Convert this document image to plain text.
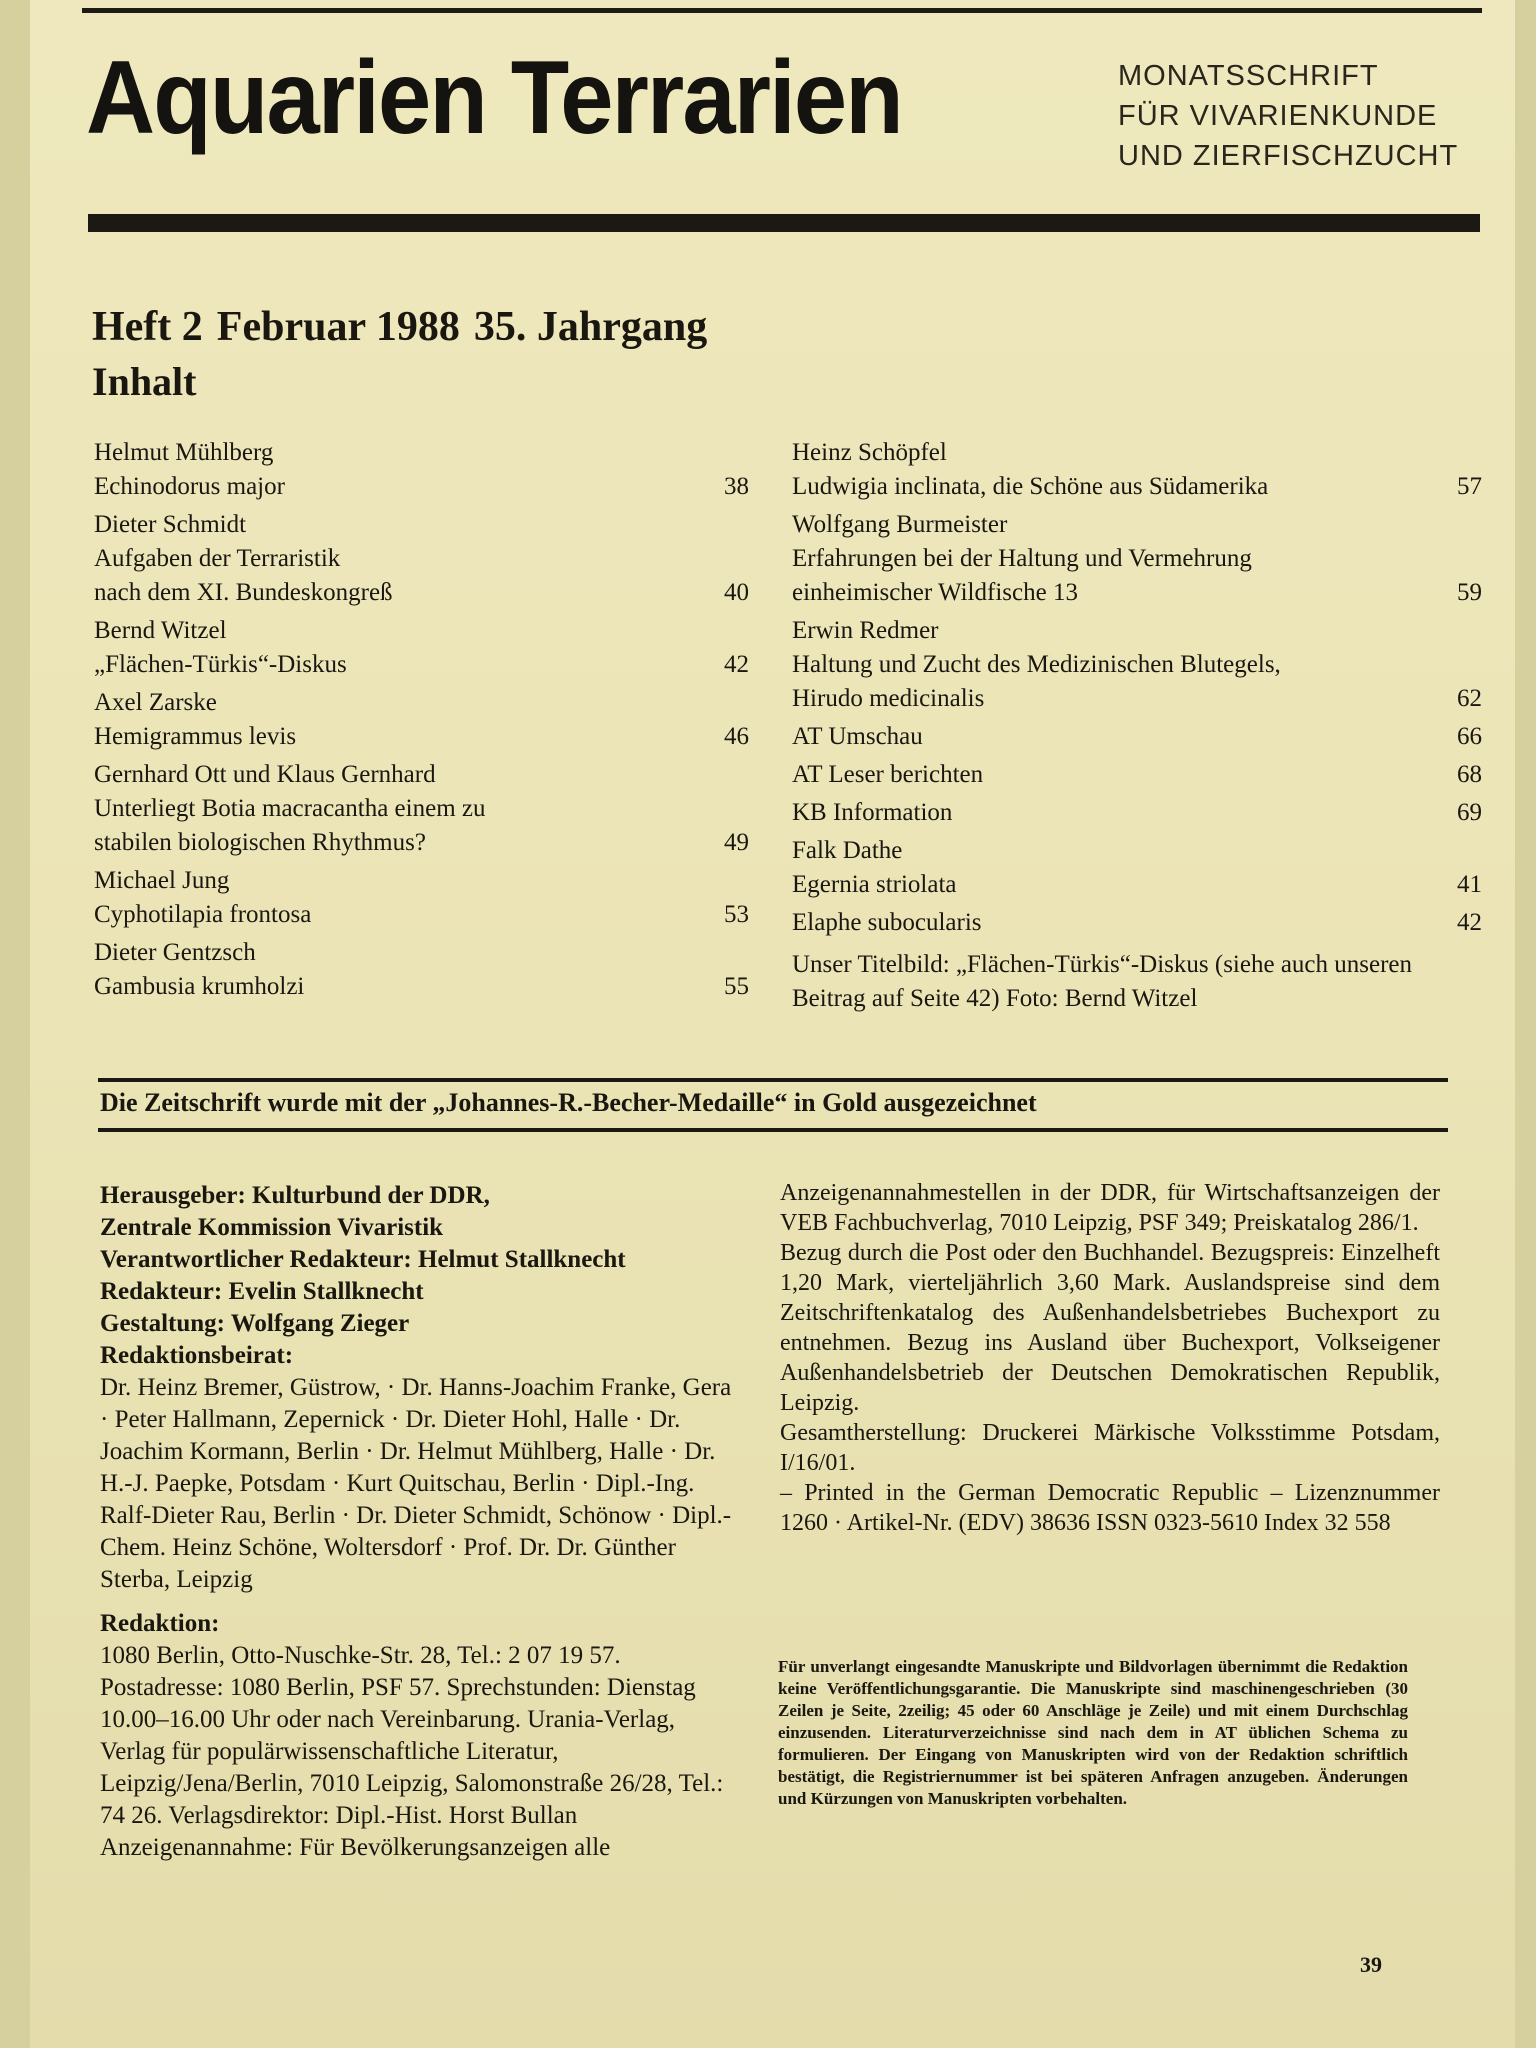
Aquarien Terrarien	MONATSSCHRIFT
FÜR VIVARIENKUNDE
UND ZIERFISCHZUCHT
Heft 2 Februar 1988 35. Jahrgang
Inhalt
Helmut Mühlberg
Echinodorus major	38
Dieter Schmidt
Aufgaben der Terraristik
nach dem XI. Bundeskongreß	40
Bernd Witzel
„Flächen-Türkis“-Diskus	42
Axel Zarske
Hemigrammus levis	46
Gernhard Ott und Klaus Gernhard
Unterliegt Botia macracantha einem zu
stabilen biologischen Rhythmus?	49
Michael Jung
Cyphotilapia frontosa	53
Dieter Gentzsch
Gambusia krumholzi	55
Heinz Schöpfel
Ludwigia inclinata, die Schöne aus Südamerika	57
Wolfgang Burmeister
Erfahrungen bei der Haltung und Vermehrung
einheimischer Wildfische 13	59
Erwin Redmer
Haltung und Zucht des Medizinischen Blutegels,
Hirudo medicinalis	62
AT Umschau	66
AT Leser berichten	68
KB Information	69
Falk Dathe
Egernia striolata	41
Elaphe subocularis	42
Unser Titelbild: „Flächen-Türkis“-Diskus (siehe auch unseren Beitrag auf Seite 42) Foto: Bernd Witzel
Die Zeitschrift wurde mit der „Johannes-R.-Becher-Medaille“ in Gold ausgezeichnet
Herausgeber: Kulturbund der DDR,
Zentrale Kommission Vivaristik
Verantwortlicher Redakteur: Helmut Stallknecht
Redakteur: Evelin Stallknecht
Gestaltung: Wolfgang Zieger
Redaktionsbeirat:
Dr. Heinz Bremer, Güstrow, · Dr. Hanns-Joachim Franke, Gera · Peter Hallmann, Zepernick · Dr. Dieter Hohl, Halle · Dr. Joachim Kormann, Berlin · Dr. Helmut Mühlberg, Halle · Dr. H.-J. Paepke, Potsdam · Kurt Quitschau, Berlin · Dipl.-Ing. Ralf-Dieter Rau, Berlin · Dr. Dieter Schmidt, Schönow · Dipl.-Chem. Heinz Schöne, Woltersdorf · Prof. Dr. Dr. Günther Sterba, Leipzig
Redaktion:
1080 Berlin, Otto-Nuschke-Str. 28, Tel.: 2 07 19 57. Postadresse: 1080 Berlin, PSF 57. Sprechstunden: Dienstag 10.00–16.00 Uhr oder nach Vereinbarung. Urania-Verlag, Verlag für populärwissenschaftliche Literatur, Leipzig/Jena/Berlin, 7010 Leipzig, Salomonstraße 26/28, Tel.: 74 26. Verlagsdirektor: Dipl.-Hist. Horst Bullan Anzeigenannahme: Für Bevölkerungsanzeigen alle
Anzeigenannahmestellen in der DDR, für Wirtschaftsanzeigen der VEB Fachbuchverlag, 7010 Leipzig, PSF 349; Preiskatalog 286/1.
Bezug durch die Post oder den Buchhandel. Bezugspreis: Einzelheft 1,20 Mark, vierteljährlich 3,60 Mark. Auslandspreise sind dem Zeitschriftenkatalog des Außenhandelsbetriebes Buchexport zu entnehmen. Bezug ins Ausland über Buchexport, Volkseigener Außenhandelsbetrieb der Deutschen Demokratischen Republik, Leipzig.
Gesamtherstellung: Druckerei Märkische Volksstimme Potsdam, I/16/01.
– Printed in the German Democratic Republic – Lizenznummer 1260 · Artikel-Nr. (EDV) 38636 ISSN 0323-5610 Index 32 558
Für unverlangt eingesandte Manuskripte und Bildvorlagen übernimmt die Redaktion keine Veröffentlichungsgarantie. Die Manuskripte sind maschinengeschrieben (30 Zeilen je Seite, 2zeilig; 45 oder 60 Anschläge je Zeile) und mit einem Durchschlag einzusenden. Literaturverzeichnisse sind nach dem in AT üblichen Schema zu formulieren. Der Eingang von Manuskripten wird von der Redaktion schriftlich bestätigt, die Registriernummer ist bei späteren Anfragen anzugeben. Änderungen und Kürzungen von Manuskripten vorbehalten.
39
